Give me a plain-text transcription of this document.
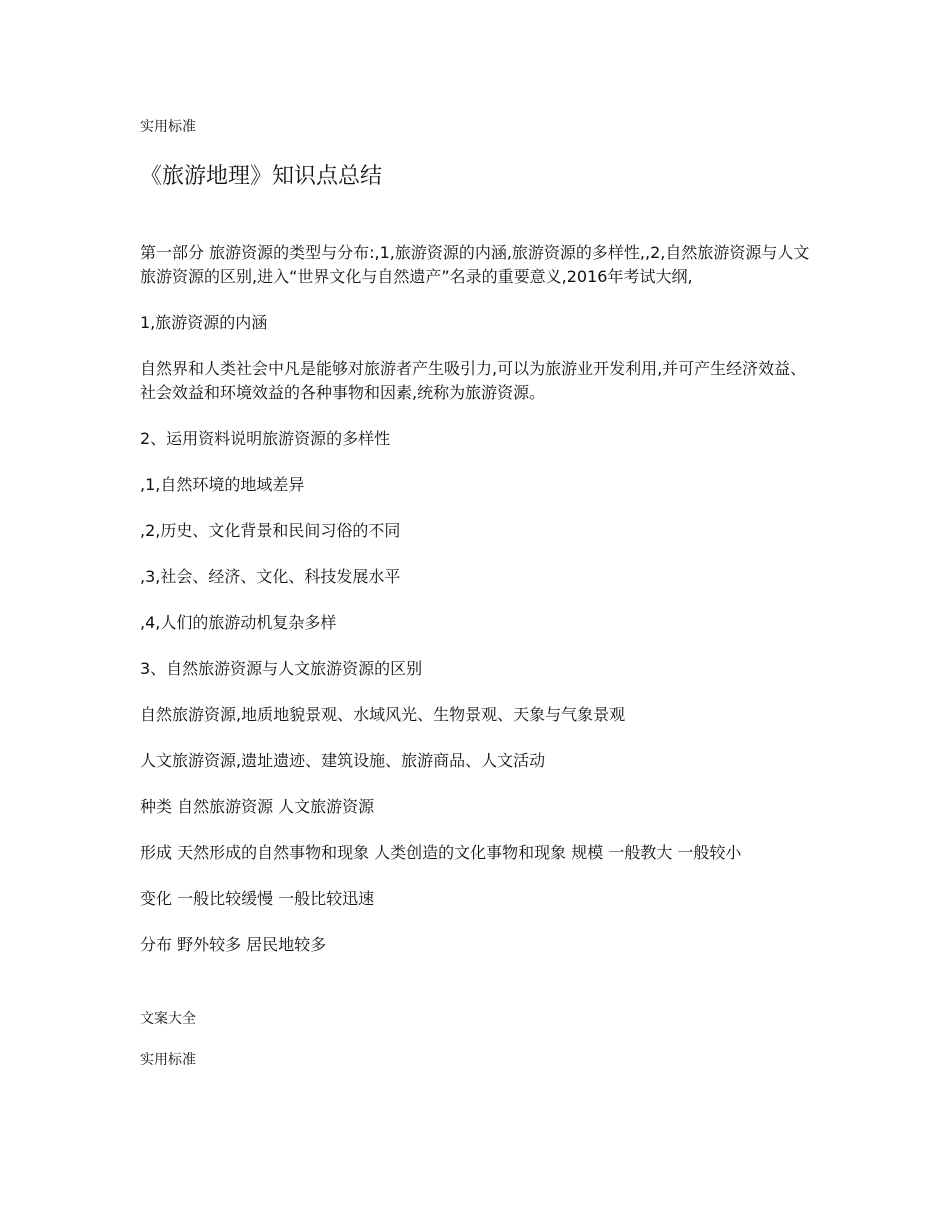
实用标准
《旅游地理》知识点总结

第一部分 旅游资源的类型与分布:,1,旅游资源的内涵,旅游资源的多样性,,2,自然旅游资源与人文旅游资源的区别,进入“世界文化与自然遗产”名录的重要意义,2016年考试大纲,

1,旅游资源的内涵

自然界和人类社会中凡是能够对旅游者产生吸引力,可以为旅游业开发利用,并可产生经济效益、社会效益和环境效益的各种事物和因素,统称为旅游资源。

2、运用资料说明旅游资源的多样性

,1,自然环境的地域差异

,2,历史、文化背景和民间习俗的不同

,3,社会、经济、文化、科技发展水平

,4,人们的旅游动机复杂多样

3、自然旅游资源与人文旅游资源的区别

自然旅游资源,地质地貌景观、水域风光、生物景观、天象与气象景观

人文旅游资源,遗址遗迹、建筑设施、旅游商品、人文活动

种类 自然旅游资源 人文旅游资源

形成 天然形成的自然事物和现象 人类创造的文化事物和现象 规模 一般教大 一般较小

变化 一般比较缓慢 一般比较迅速

分布 野外较多 居民地较多

文案大全
实用标准
